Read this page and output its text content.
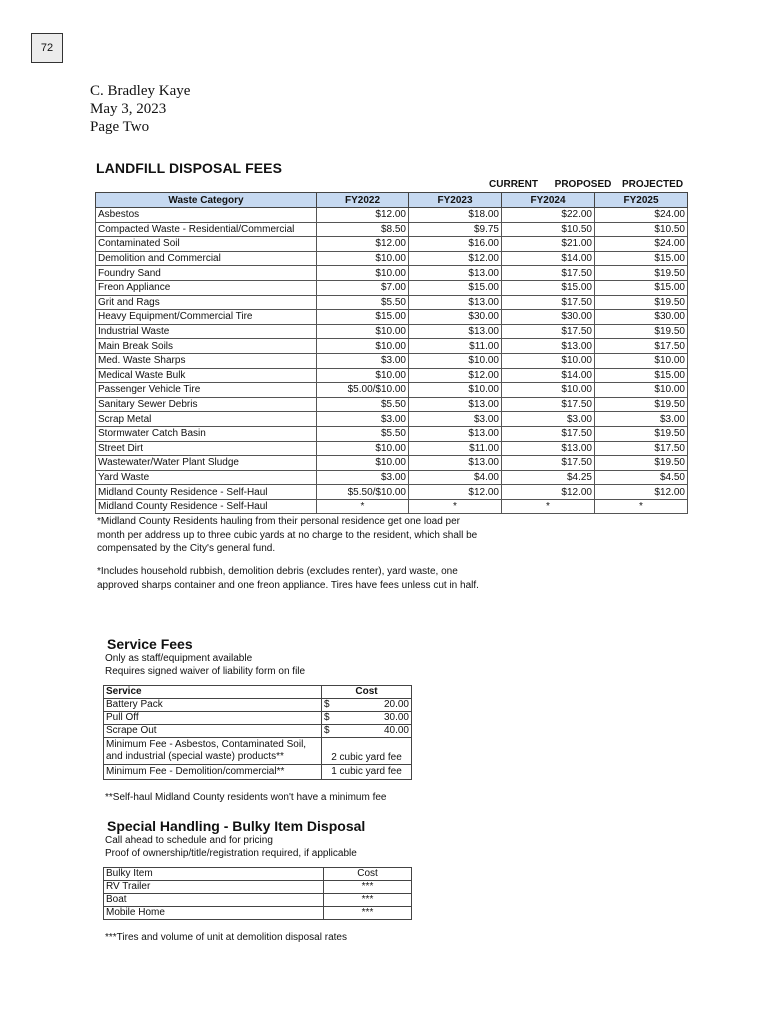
72
C. Bradley Kaye
May 3, 2023
Page Two
LANDFILL DISPOSAL FEES
CURRENT	PROPOSED	PROJECTED
Waste Category	FY2022	FY2023	FY2024	FY2025
Asbestos	$12.00	$18.00	$22.00	$24.00
Compacted Waste - Residential/Commercial	$8.50	$9.75	$10.50	$10.50
Contaminated Soil	$12.00	$16.00	$21.00	$24.00
Demolition and Commercial	$10.00	$12.00	$14.00	$15.00
Foundry Sand	$10.00	$13.00	$17.50	$19.50
Freon Appliance	$7.00	$15.00	$15.00	$15.00
Grit and Rags	$5.50	$13.00	$17.50	$19.50
Heavy Equipment/Commercial Tire	$15.00	$30.00	$30.00	$30.00
Industrial Waste	$10.00	$13.00	$17.50	$19.50
Main Break Soils	$10.00	$11.00	$13.00	$17.50
Med. Waste Sharps	$3.00	$10.00	$10.00	$10.00
Medical Waste Bulk	$10.00	$12.00	$14.00	$15.00
Passenger Vehicle Tire	$5.00/$10.00	$10.00	$10.00	$10.00
Sanitary Sewer Debris	$5.50	$13.00	$17.50	$19.50
Scrap Metal	$3.00	$3.00	$3.00	$3.00
Stormwater Catch Basin	$5.50	$13.00	$17.50	$19.50
Street Dirt	$10.00	$11.00	$13.00	$17.50
Wastewater/Water Plant Sludge	$10.00	$13.00	$17.50	$19.50
Yard Waste	$3.00	$4.00	$4.25	$4.50
Midland County Residence - Self-Haul	$5.50/$10.00	$12.00	$12.00	$12.00
Midland County Residence - Self-Haul	*	*	*	*
*Midland County Residents hauling from their personal residence get one load per
month per address up to three cubic yards at no charge to the resident, which shall be
compensated by the City's general fund.
*Includes household rubbish, demolition debris (excludes renter), yard waste, one
approved sharps container and one freon appliance. Tires have fees unless cut in half.
Service Fees
Only as staff/equipment available
Requires signed waiver of liability form on file
Service	Cost
Battery Pack	$ 20.00

Pull Off	$ 30.00

Scrape Out	$ 40.00

Minimum Fee - Asbestos, Contaminated Soil,
and industrial (special waste) products**	2 cubic yard fee
Minimum Fee - Demolition/commercial**	1 cubic yard fee
**Self-haul Midland County residents won't have a minimum fee
Special Handling - Bulky Item Disposal
Call ahead to schedule and for pricing
Proof of ownership/title/registration required, if applicable
Bulky Item	Cost
RV Trailer	***
Boat	***
Mobile Home	***
***Tires and volume of unit at demolition disposal rates
